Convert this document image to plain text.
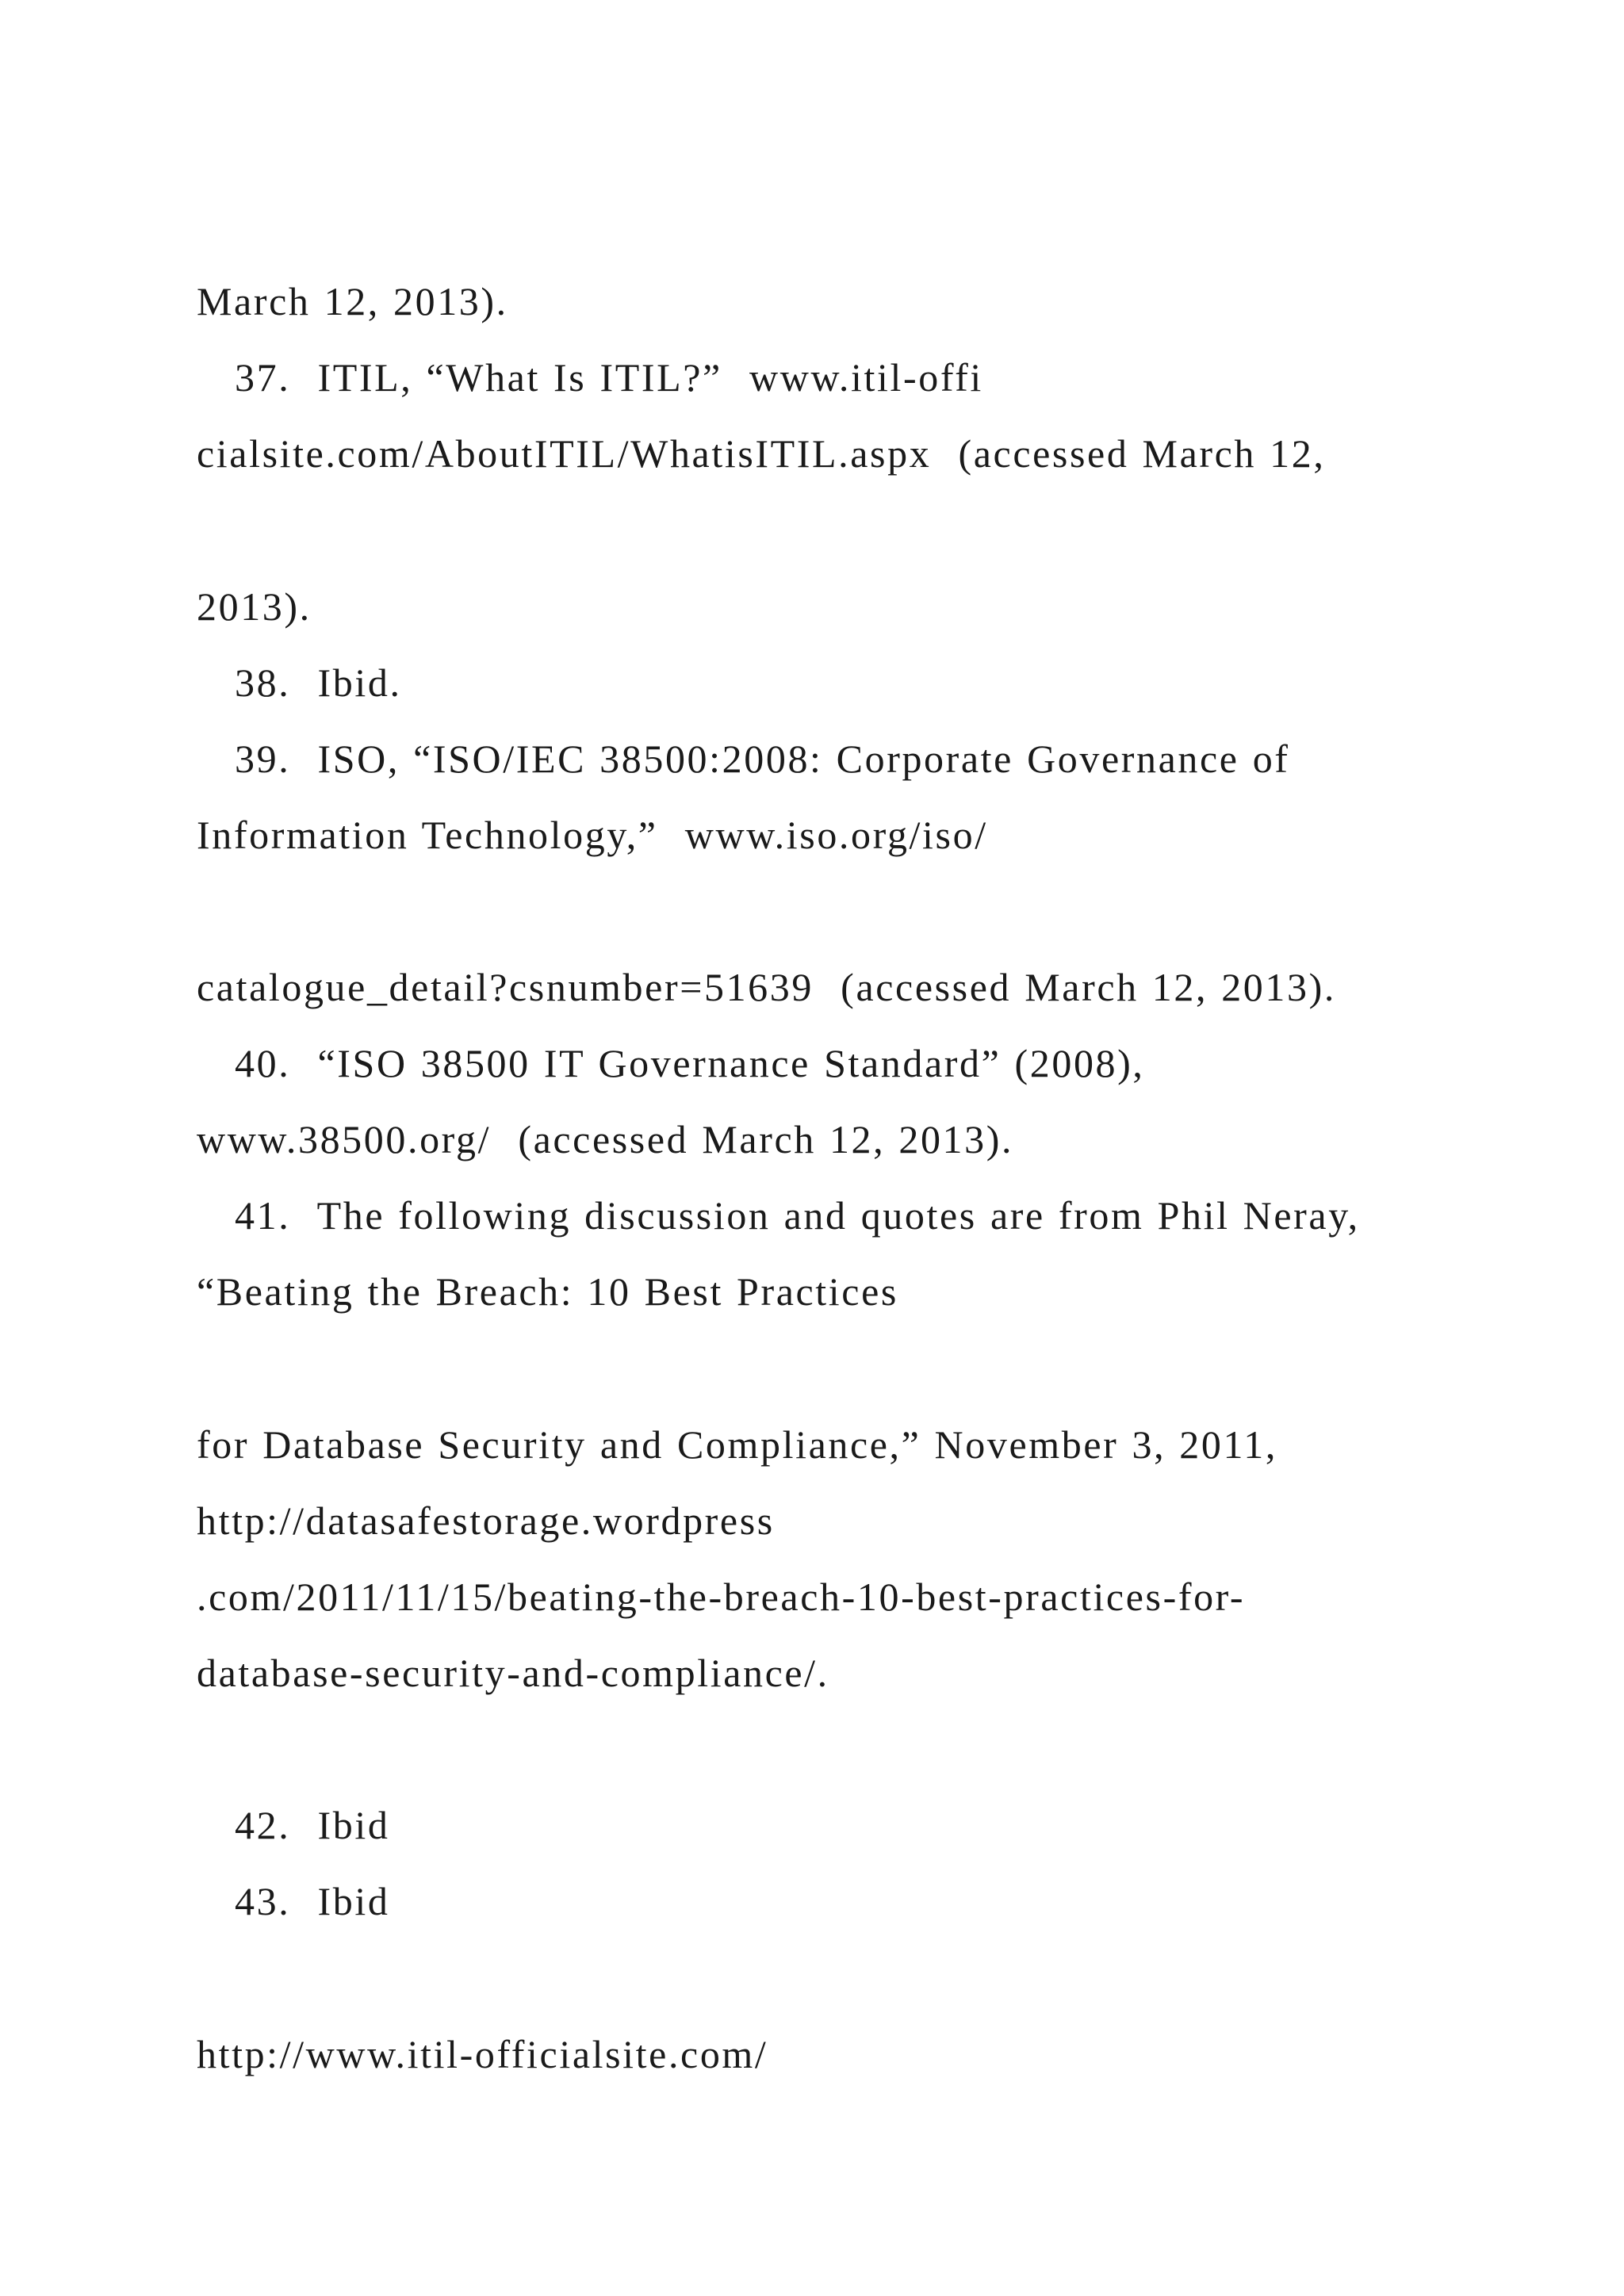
March 12, 2013).
37.  ITIL, “What Is ITIL?”  www.itil-offi
cialsite.com/AboutITIL/WhatisITIL.aspx  (accessed March 12,
2013).
38.  Ibid.
39.  ISO, “ISO/IEC 38500:2008: Corporate Governance of
Information Technology,”  www.iso.org/iso/
catalogue_detail?csnumber=51639  (accessed March 12, 2013).
40.  “ISO 38500 IT Governance Standard” (2008),
www.38500.org/  (accessed March 12, 2013).
41.  The following discussion and quotes are from Phil Neray,
“Beating the Breach: 10 Best Practices
for Database Security and Compliance,” November 3, 2011,
http://datasafestorage.wordpress
.com/2011/11/15/beating-the-breach-10-best-practices-for-
database-security-and-compliance/.
42.  Ibid
43.  Ibid
http://www.itil-officialsite.com/
